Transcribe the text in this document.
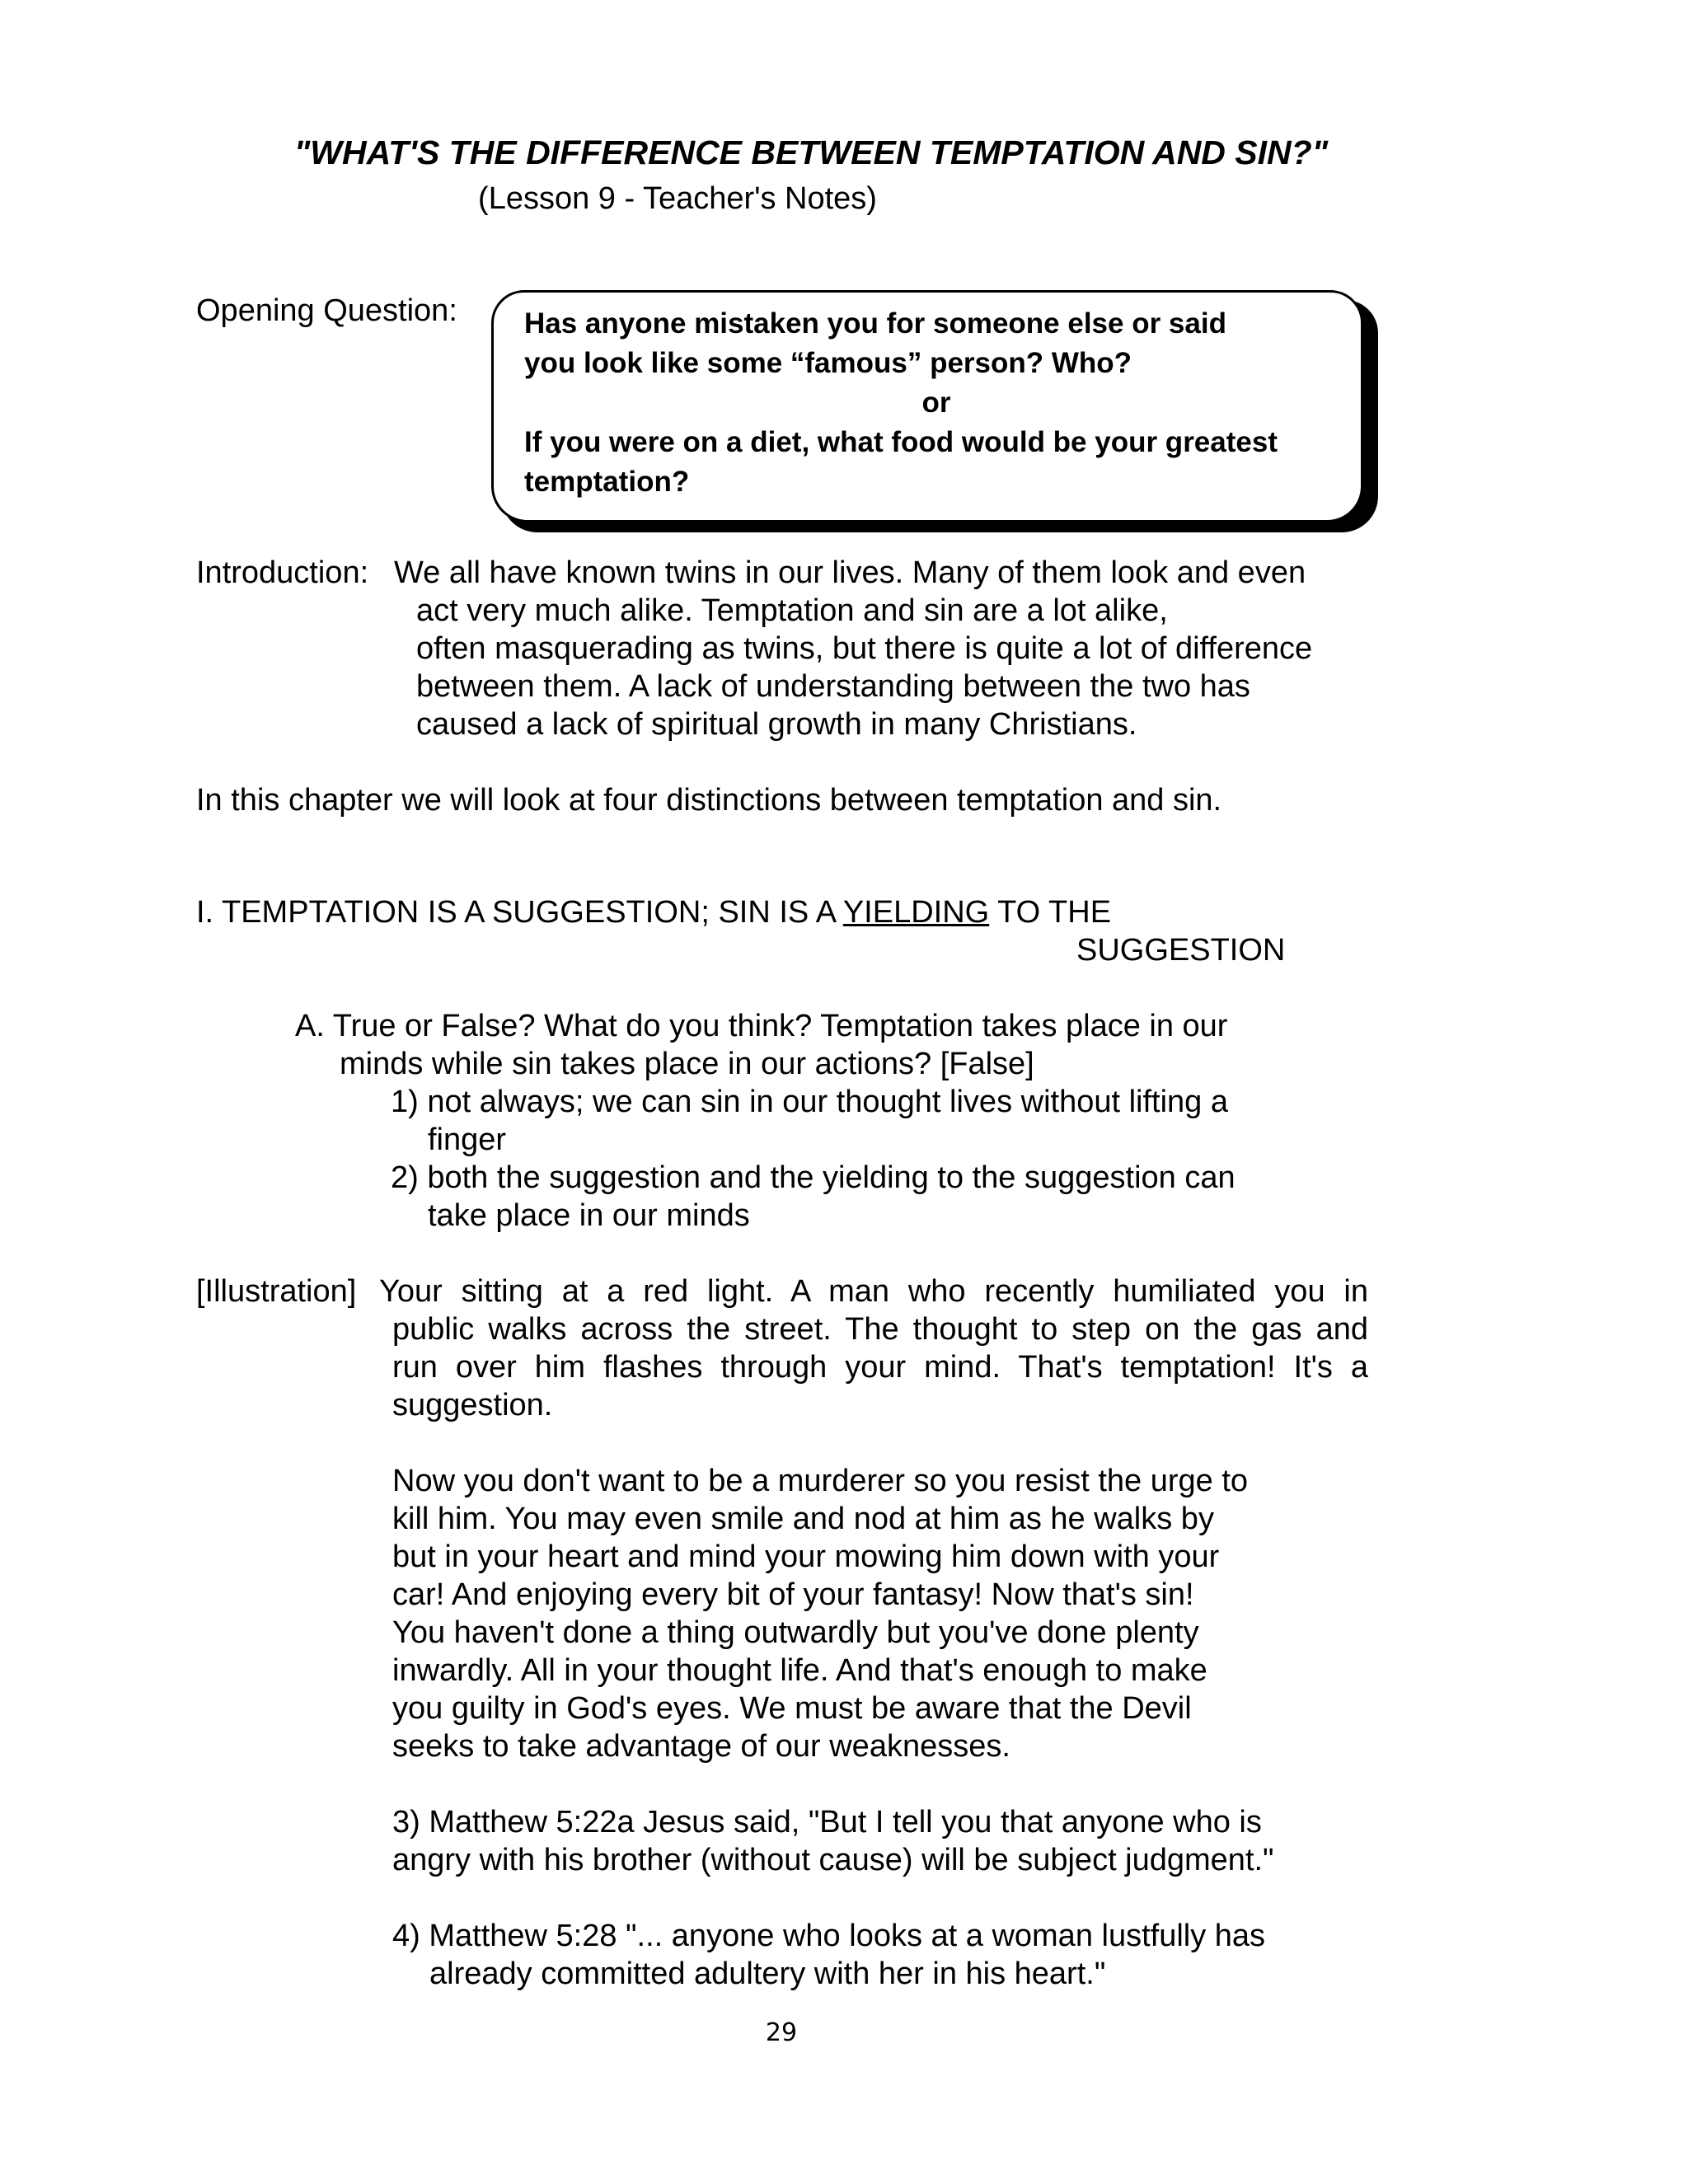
"WHAT'S THE DIFFERENCE BETWEEN TEMPTATION AND SIN?"
(Lesson 9 - Teacher's Notes)
Opening Question: Has anyone mistaken you for someone else or said
you look like some “famous” person? Who?
or
If you were on a diet, what food would be your greatest
temptation?
Introduction: We all have known twins in our lives. Many of them look and even
act very much alike. Temptation and sin are a lot alike,
often masquerading as twins, but there is quite a lot of difference
between them. A lack of understanding between the two has
caused a lack of spiritual growth in many Christians.
In this chapter we will look at four distinctions between temptation and sin.
I. TEMPTATION IS A SUGGESTION; SIN IS A YIELDING TO THE
SUGGESTION
A. True or False? What do you think? Temptation takes place in our
minds while sin takes place in our actions? [False]
1) not always; we can sin in our thought lives without lifting a
finger
2) both the suggestion and the yielding to the suggestion can
take place in our minds
[Illustration] Your sitting at a red light. A man who recently humiliated you in
public walks across the street. The thought to step on the gas and
run over him flashes through your mind. That's temptation! It's a
suggestion.
Now you don't want to be a murderer so you resist the urge to
kill him. You may even smile and nod at him as he walks by
but in your heart and mind your mowing him down with your
car! And enjoying every bit of your fantasy! Now that's sin!
You haven't done a thing outwardly but you've done plenty
inwardly. All in your thought life. And that's enough to make
you guilty in God's eyes. We must be aware that the Devil
seeks to take advantage of our weaknesses.
3) Matthew 5:22a Jesus said, "But I tell you that anyone who is
angry with his brother (without cause) will be subject judgment."
4) Matthew 5:28 "... anyone who looks at a woman lustfully has
already committed adultery with her in his heart."
29
